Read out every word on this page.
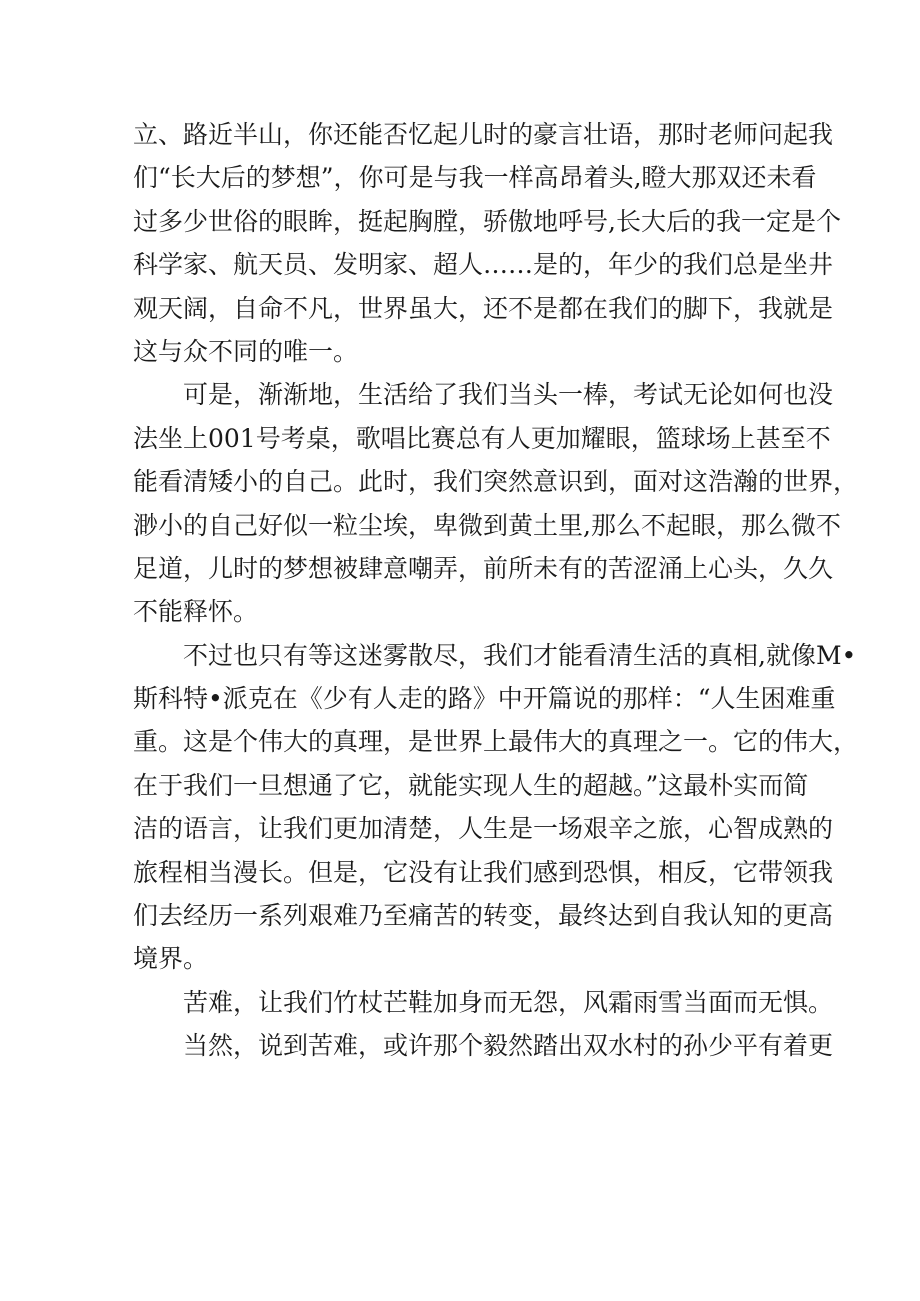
立、路近半山，你还能否忆起儿时的豪言壮语，那时老师问起我
们“长大后的梦想”，你可是与我一样高昂着头,瞪大那双还未看
过多少世俗的眼眸，挺起胸膛，骄傲地呼号,长大后的我一定是个
科学家、航天员、发明家、超人……是的，年少的我们总是坐井
观天阔，自命不凡，世界虽大，还不是都在我们的脚下，我就是
这与众不同的唯一。
可是，渐渐地，生活给了我们当头一棒，考试无论如何也没
法坐上001号考桌，歌唱比赛总有人更加耀眼，篮球场上甚至不
能看清矮小的自己。此时，我们突然意识到，面对这浩瀚的世界，
渺小的自己好似一粒尘埃，卑微到黄土里,那么不起眼，那么微不
足道，儿时的梦想被肆意嘲弄，前所未有的苦涩涌上心头，久久
不能释怀。
不过也只有等这迷雾散尽，我们才能看清生活的真相,就像M•
斯科特•派克在《少有人走的路》中开篇说的那样：“人生困难重
重。这是个伟大的真理，是世界上最伟大的真理之一。它的伟大，
在于我们一旦想通了它，就能实现人生的超越。”这最朴实而简
洁的语言，让我们更加清楚，人生是一场艰辛之旅，心智成熟的
旅程相当漫长。但是，它没有让我们感到恐惧，相反，它带领我
们去经历一系列艰难乃至痛苦的转变，最终达到自我认知的更高
境界。
苦难，让我们竹杖芒鞋加身而无怨，风霜雨雪当面而无惧。
当然，说到苦难，或许那个毅然踏出双水村的孙少平有着更
